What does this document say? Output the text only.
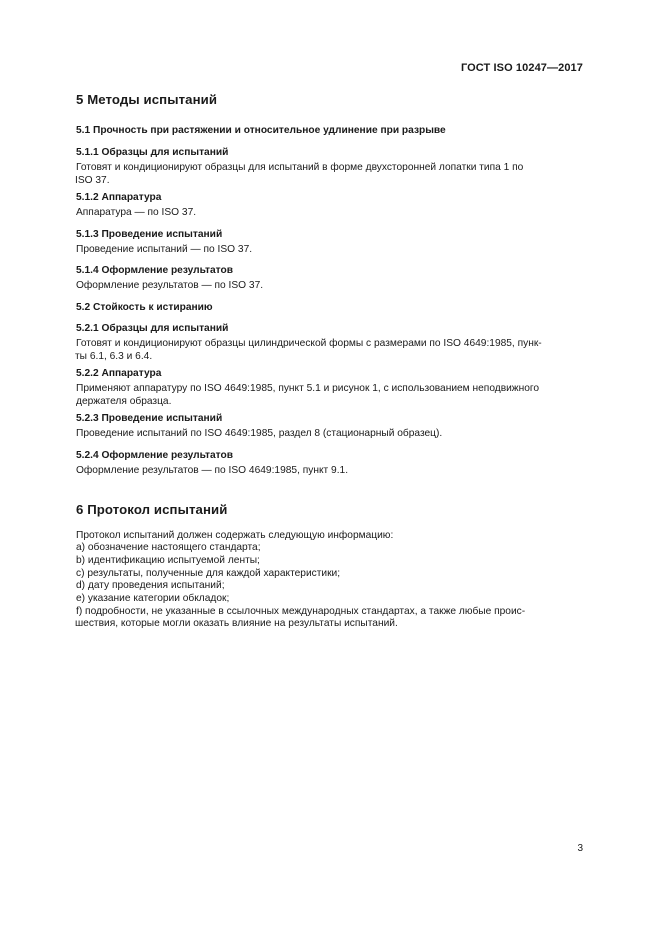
ГОСТ ISO 10247—2017
5 Методы испытаний
5.1 Прочность при растяжении и относительное удлинение при разрыве
5.1.1 Образцы для испытаний
Готовят и кондиционируют образцы для испытаний в форме двухсторонней лопатки типа 1 по
ISO 37.
5.1.2 Аппаратура
Аппаратура — по ISO 37.
5.1.3 Проведение испытаний
Проведение испытаний — по ISO 37.
5.1.4 Оформление результатов
Оформление результатов — по ISO 37.
5.2 Стойкость к истиранию
5.2.1 Образцы для испытаний
Готовят и кондиционируют образцы цилиндрической формы с размерами по ISO 4649:1985, пунк-
ты 6.1, 6.3 и 6.4.
5.2.2 Аппаратура
Применяют аппаратуру по ISO 4649:1985, пункт 5.1 и рисунок 1, с использованием неподвижного
держателя образца.
5.2.3 Проведение испытаний
Проведение испытаний по ISO 4649:1985, раздел 8 (стационарный образец).
5.2.4 Оформление результатов
Оформление результатов — по ISO 4649:1985, пункт 9.1.
6 Протокол испытаний
Протокол испытаний должен содержать следующую информацию:
а) обозначение настоящего стандарта;
b) идентификацию испытуемой ленты;
c) результаты, полученные для каждой характеристики;
d) дату проведения испытаний;
e) указание категории обкладок;
f) подробности, не указанные в ссылочных международных стандартах, а также любые проис-
шествия, которые могли оказать влияние на результаты испытаний.
3
